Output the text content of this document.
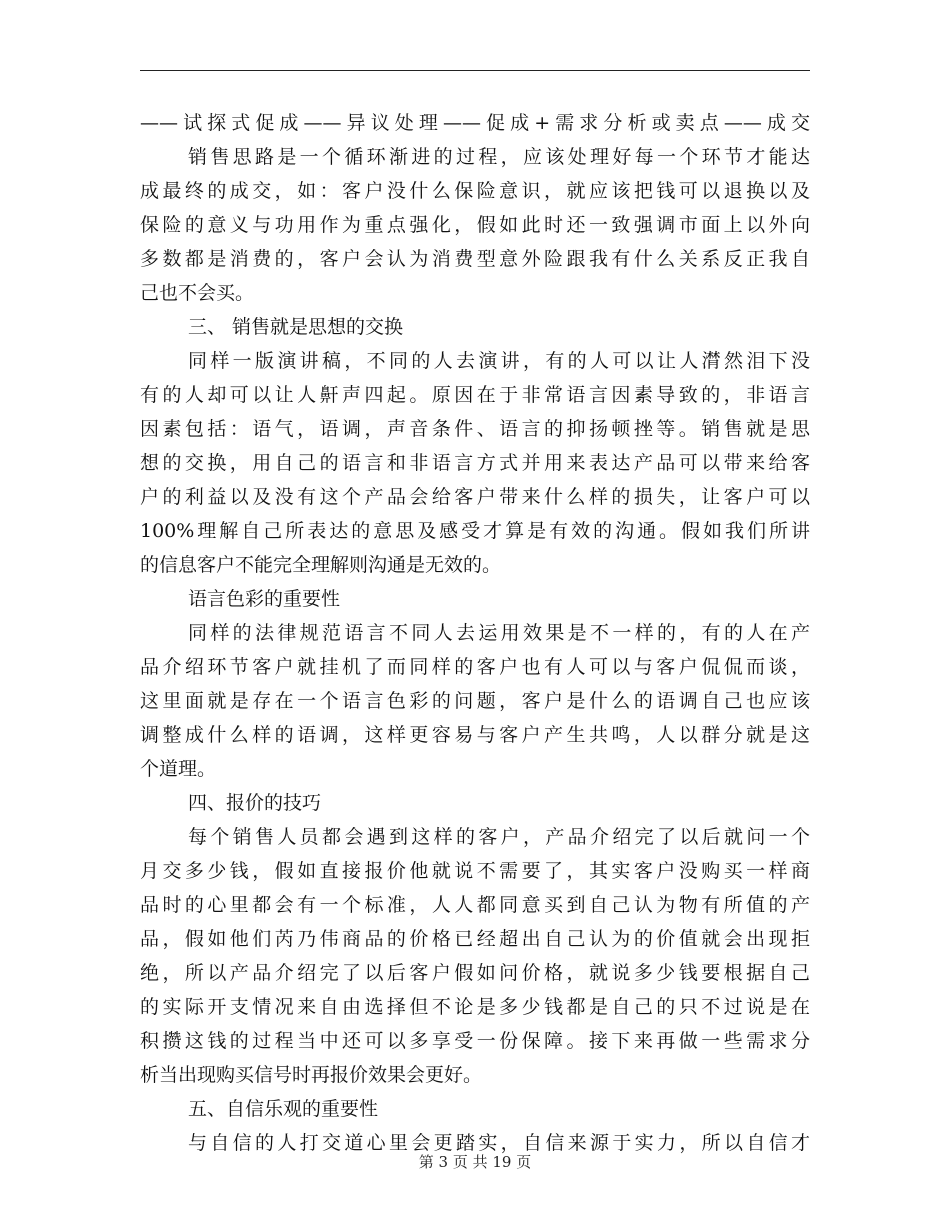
——试探式促成——异议处理——促成+需求分析或卖点——成交
销售思路是一个循环渐进的过程，应该处理好每一个环节才能达
成最终的成交，如：客户没什么保险意识，就应该把钱可以退换以及
保险的意义与功用作为重点强化，假如此时还一致强调市面上以外向
多数都是消费的，客户会认为消费型意外险跟我有什么关系反正我自
己也不会买。
三、 销售就是思想的交换
同样一版演讲稿，不同的人去演讲，有的人可以让人潸然泪下没
有的人却可以让人鼾声四起。原因在于非常语言因素导致的，非语言
因素包括：语气，语调，声音条件、语言的抑扬顿挫等。销售就是思
想的交换，用自己的语言和非语言方式并用来表达产品可以带来给客
户的利益以及没有这个产品会给客户带来什么样的损失，让客户可以
100%理解自己所表达的意思及感受才算是有效的沟通。假如我们所讲
的信息客户不能完全理解则沟通是无效的。
语言色彩的重要性
同样的法律规范语言不同人去运用效果是不一样的，有的人在产
品介绍环节客户就挂机了而同样的客户也有人可以与客户侃侃而谈，
这里面就是存在一个语言色彩的问题，客户是什么的语调自己也应该
调整成什么样的语调，这样更容易与客户产生共鸣，人以群分就是这
个道理。
四、报价的技巧
每个销售人员都会遇到这样的客户，产品介绍完了以后就问一个
月交多少钱，假如直接报价他就说不需要了，其实客户没购买一样商
品时的心里都会有一个标准，人人都同意买到自己认为物有所值的产
品，假如他们芮乃伟商品的价格已经超出自己认为的价值就会出现拒
绝，所以产品介绍完了以后客户假如问价格，就说多少钱要根据自己
的实际开支情况来自由选择但不论是多少钱都是自己的只不过说是在
积攒这钱的过程当中还可以多享受一份保障。接下来再做一些需求分
析当出现购买信号时再报价效果会更好。
五、自信乐观的重要性
与自信的人打交道心里会更踏实，自信来源于实力，所以自信才
第 3 页 共 19 页
